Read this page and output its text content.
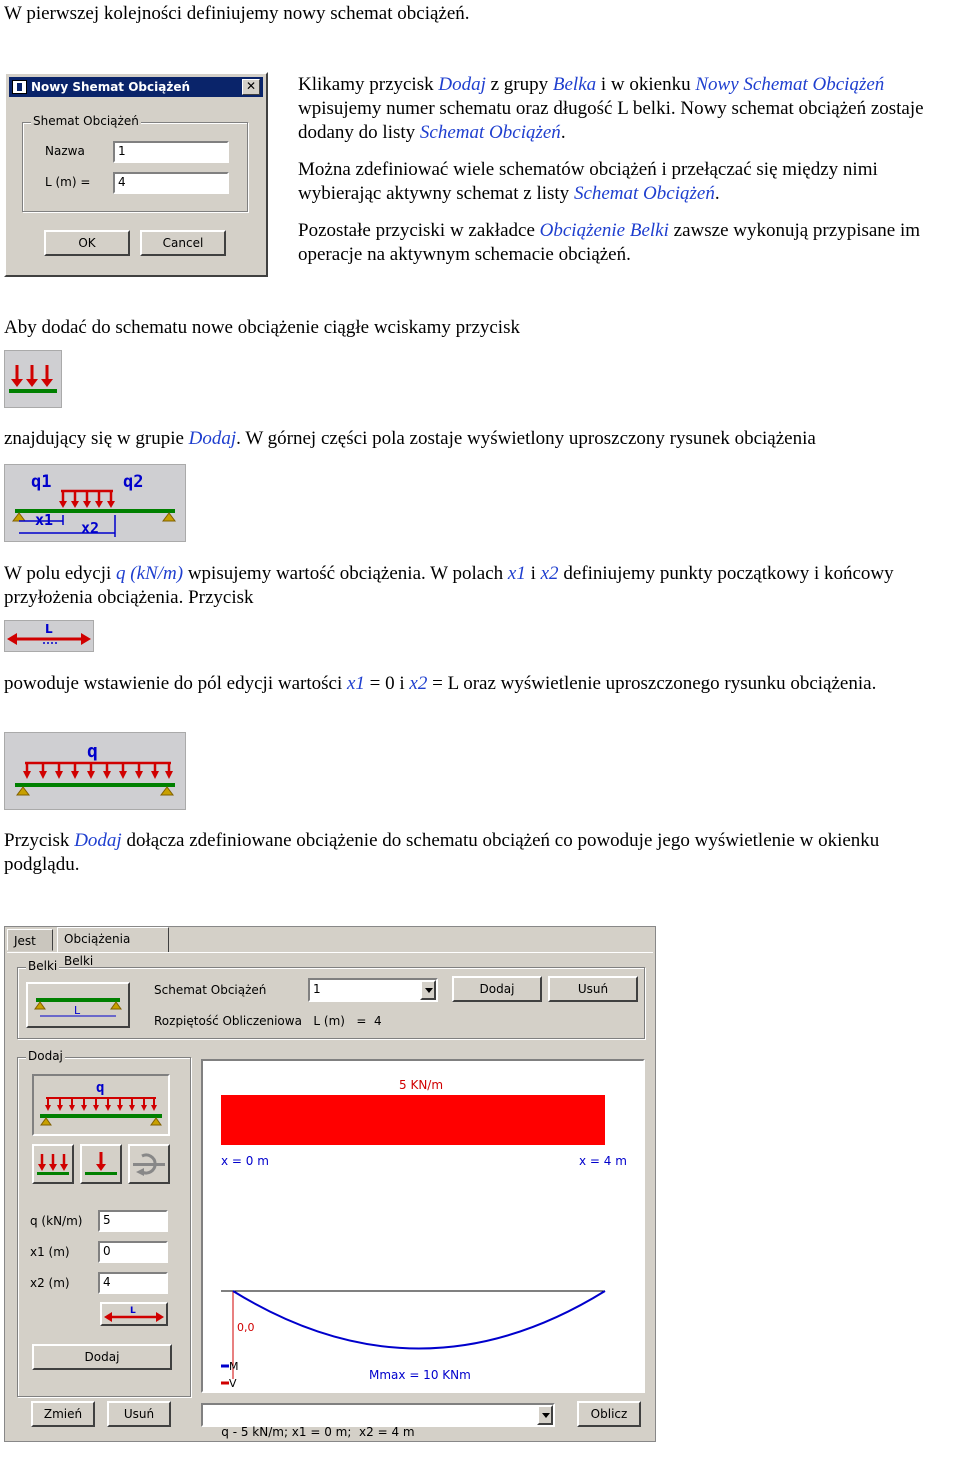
W pierwszej kolejności definiujemy nowy schemat obciążeń.

Nowy Shemat Obciążeń	✕
Shemat Obciążeń
Nazwa	1
L (m) =	4
OK	Cancel

Klikamy przycisk Dodaj z grupy Belka i w okienku Nowy Schemat Obciążeń wpisujemy numer schematu oraz długość L belki. Nowy schemat obciążeń zostaje dodany do listy Schemat Obciążeń.

Można zdefiniować wiele schematów obciążeń i przełączać się między nimi wybierając aktywny schemat z listy Schemat Obciążeń.

Pozostałe przyciski w zakładce Obciążenie Belki zawsze wykonują przypisane im operacje na aktywnym schemacie obciążeń.

Aby dodać do schematu nowe obciążenie ciągłe wciskamy przycisk

znajdujący się w grupie Dodaj. W górnej części pola zostaje wyświetlony uproszczony rysunek obciążenia

q1	q2
x1 x2

W polu edycji q (kN/m) wpisujemy wartość obciążenia. W polach x1 i x2 definiujemy punkty początkowy i końcowy przyłożenia obciążenia. Przycisk

L

powoduje wstawienie do pól edycji wartości x1 = 0 i x2 = L oraz wyświetlenie uproszczonego rysunku obciążenia.

q

Przycisk Dodaj dołącza zdefiniowane obciążenie do schematu obciążeń co powoduje jego wyświetlenie w okienku podglądu.

Jest	Obciążenia Belki
Belki
L
Schemat Obciążeń	1	Dodaj	Usuń
Rozpiętość Obliczeniowa   L (m)   = 4
Dodaj
q
q (kN/m)	5
x1 (m)	0
x2 (m)	4
L
Dodaj
5 KN/m
x = 0 m	x = 4 m
0,0
Mmax = 10 KNm
M
V
Zmień	Usuń

q - 5 kN/m; x1 = 0 m;  x2 = 4 m

Oblicz
